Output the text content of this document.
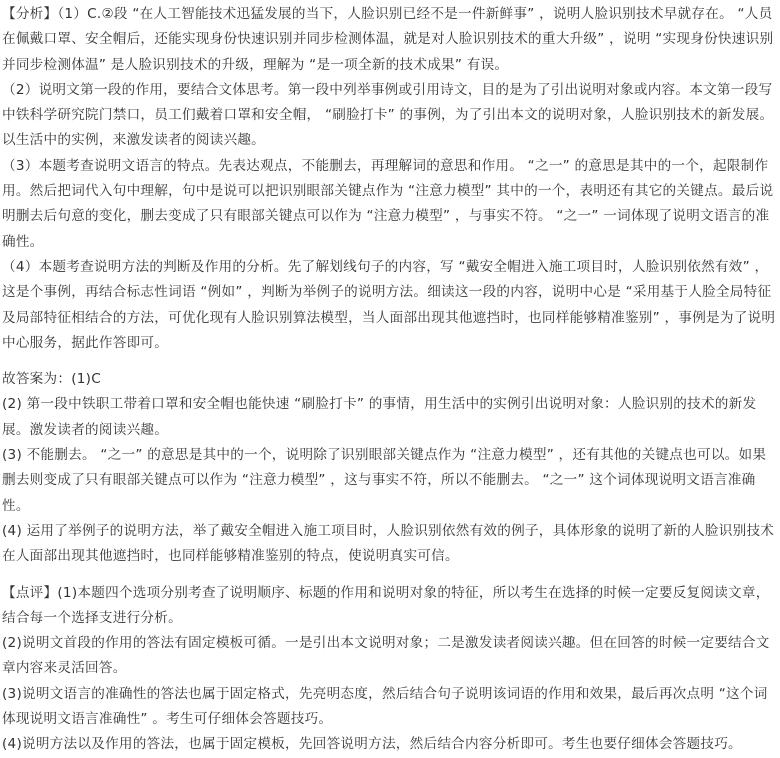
【分析】（1）C.②段 “在人工智能技术迅猛发展的当下，人脸识别已经不是一件新鲜事” ，说明人脸识别技术早就存在。 “人员在佩戴口罩、安全帽后，还能实现身份快速识别并同步检测体温，就是对人脸识别技术的重大升级” ，说明 “实现身份快速识别并同步检测体温” 是人脸识别技术的升级，理解为 “是一项全新的技术成果” 有误。

（2）说明文第一段的作用，要结合文体思考。第一段中列举事例或引用诗文，目的是为了引出说明对象或内容。本文第一段写中铁科学研究院门禁口，员工们戴着口罩和安全帽， “刷脸打卡” 的事例，为了引出本文的说明对象，人脸识别技术的新发展。以生活中的实例，来激发读者的阅读兴趣。

（3）本题考查说明文语言的特点。先表达观点，不能删去，再理解词的意思和作用。 “之一” 的意思是其中的一个，起限制作用。然后把词代入句中理解，句中是说可以把识别眼部关键点作为 “注意力模型” 其中的一个，表明还有其它的关键点。最后说明删去后句意的变化，删去变成了只有眼部关键点可以作为 “注意力模型” ，与事实不符。 “之一” 一词体现了说明文语言的准确性。

（4）本题考查说明方法的判断及作用的分析。先了解划线句子的内容，写 “戴安全帽进入施工项目时，人脸识别依然有效” ，这是个事例，再结合标志性词语 “例如” ，判断为举例子的说明方法。细读这一段的内容，说明中心是 “采用基于人脸全局特征及局部特征相结合的方法，可优化现有人脸识别算法模型，当人面部出现其他遮挡时，也同样能够精准鉴别” ，事例是为了说明中心服务，据此作答即可。

故答案为：(1)C

(2) 第一段中铁职工带着口罩和安全帽也能快速 “刷脸打卡” 的事情，用生活中的实例引出说明对象：人脸识别的技术的新发展。激发读者的阅读兴趣。

(3) 不能删去。 “之一” 的意思是其中的一个，说明除了识别眼部关键点作为 “注意力模型” ，还有其他的关键点也可以。如果删去则变成了只有眼部关键点可以作为 “注意力模型” ，这与事实不符，所以不能删去。 “之一” 这个词体现说明文语言准确性。

(4) 运用了举例子的说明方法，举了戴安全帽进入施工项目时，人脸识别依然有效的例子，具体形象的说明了新的人脸识别技术在人面部出现其他遮挡时，也同样能够精准鉴别的特点，使说明真实可信。

【点评】(1)本题四个选项分别考查了说明顺序、标题的作用和说明对象的特征，所以考生在选择的时候一定要反复阅读文章，结合每一个选择支进行分析。

(2)说明文首段的作用的答法有固定模板可循。一是引出本文说明对象；二是激发读者阅读兴趣。但在回答的时候一定要结合文章内容来灵活回答。

(3)说明文语言的准确性的答法也属于固定格式，先亮明态度，然后结合句子说明该词语的作用和效果，最后再次点明 “这个词体现说明文语言准确性” 。考生可仔细体会答题技巧。

(4)说明方法以及作用的答法，也属于固定模板，先回答说明方法，然后结合内容分析即可。考生也要仔细体会答题技巧。
